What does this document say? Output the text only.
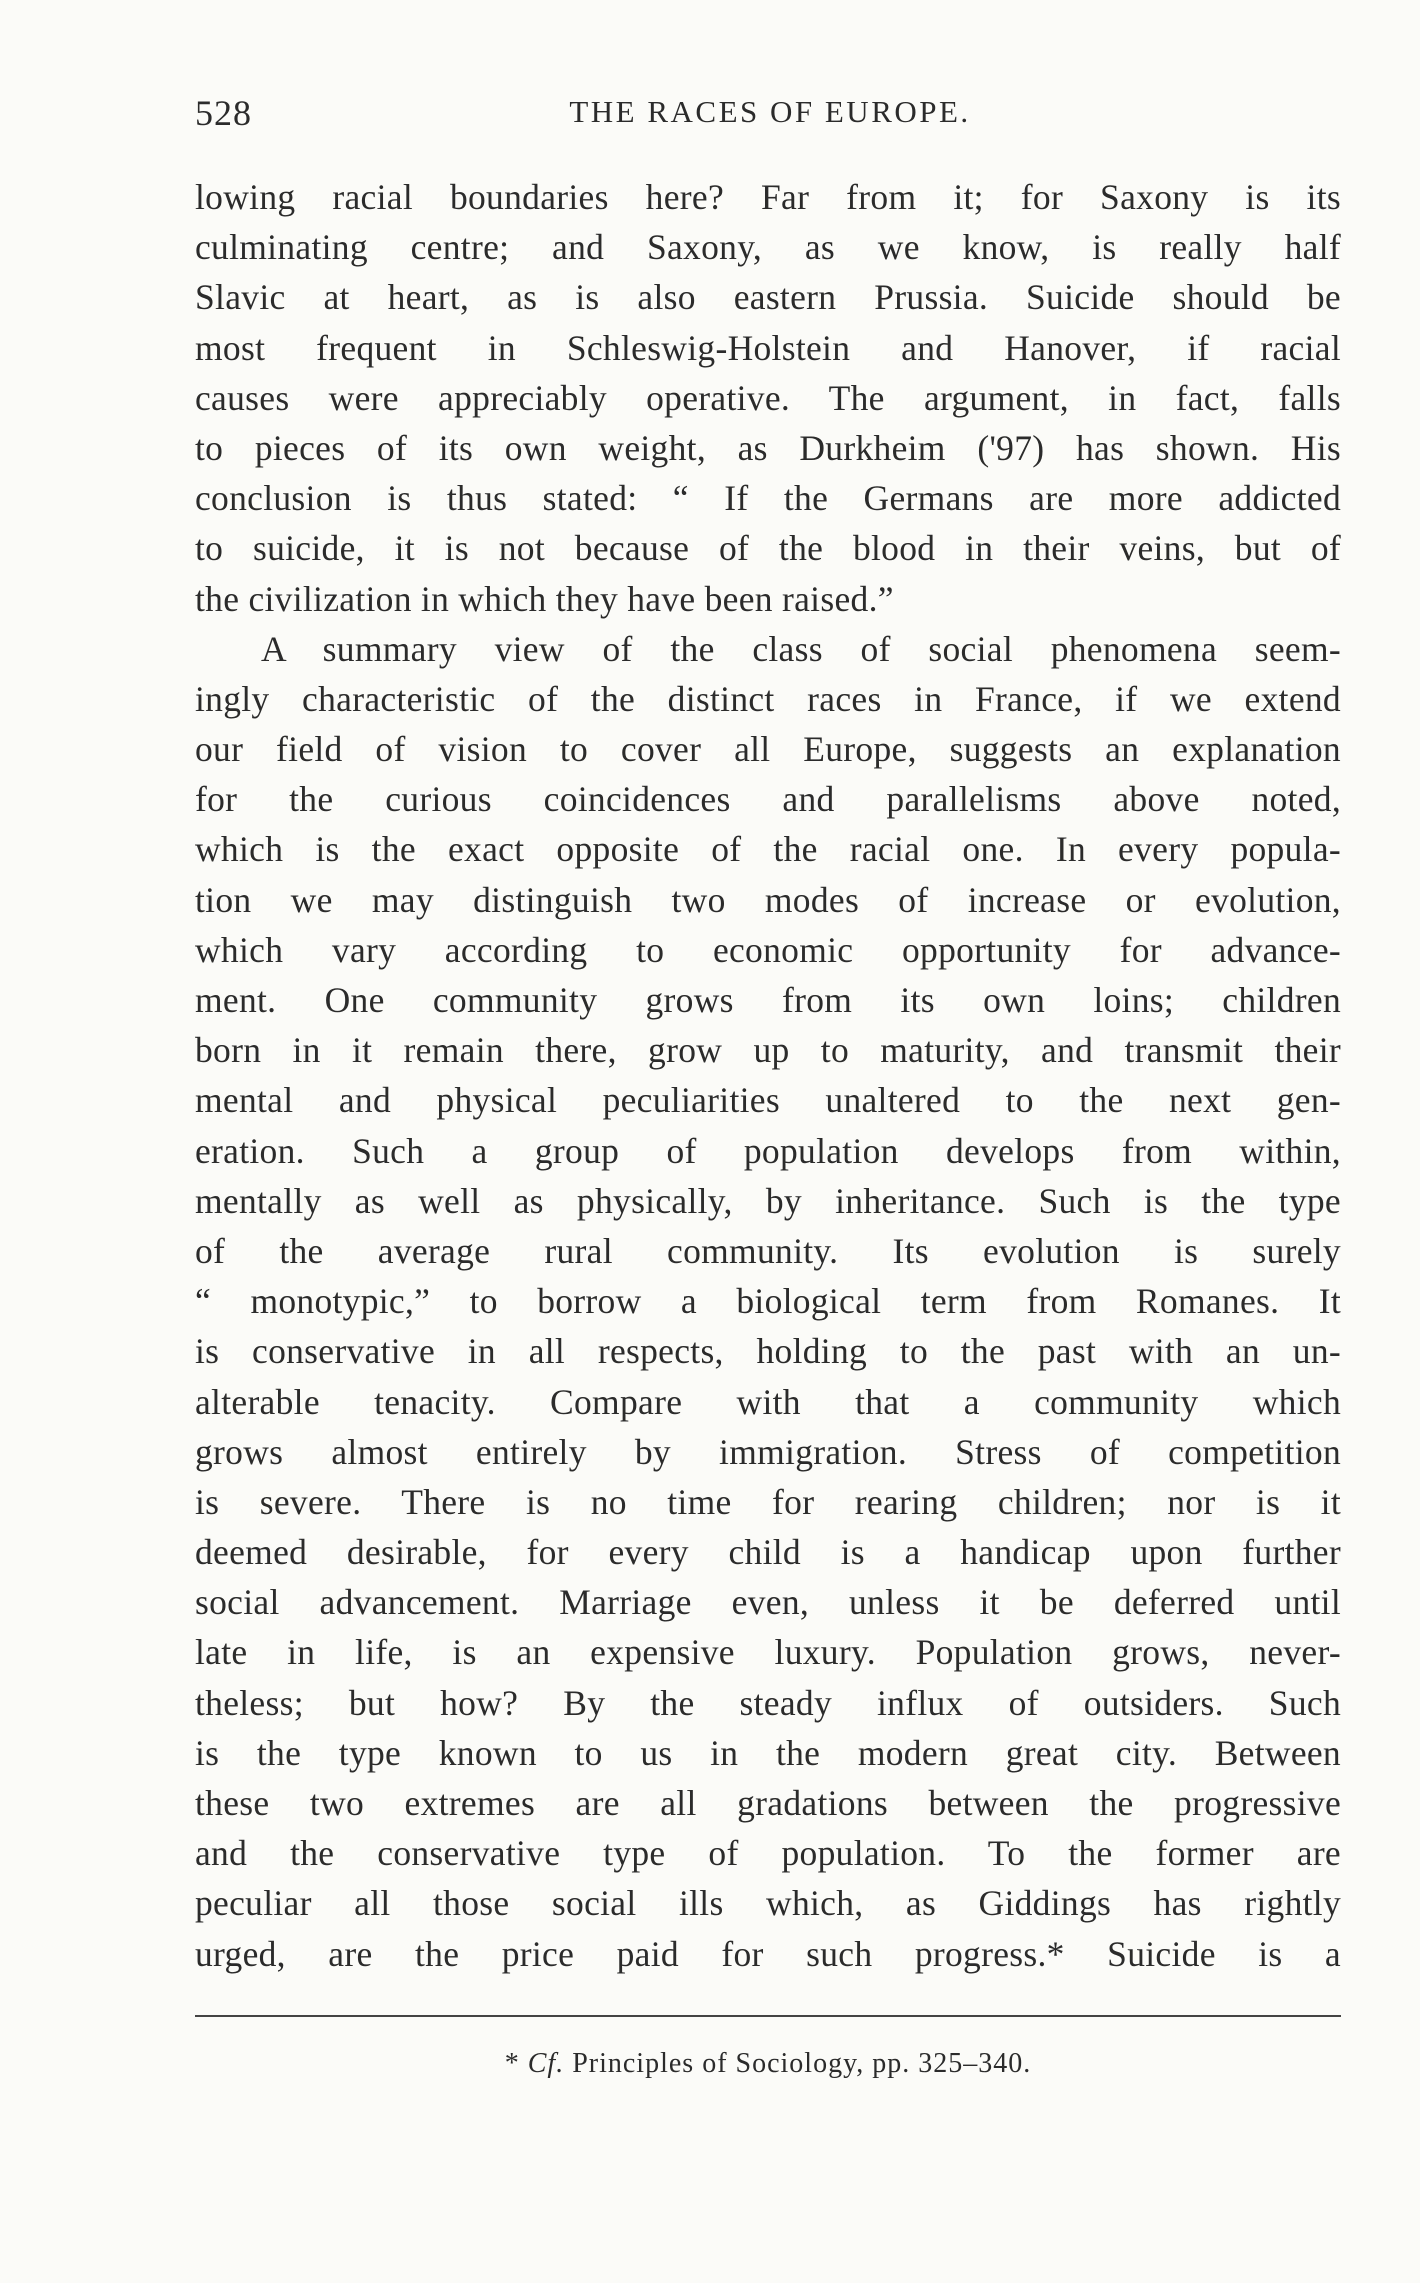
528	THE RACES OF EUROPE.
lowing racial boundaries here? Far from it; for Saxony is its
culminating centre; and Saxony, as we know, is really half
Slavic at heart, as is also eastern Prussia. Suicide should be
most frequent in Schleswig-Holstein and Hanover, if racial
causes were appreciably operative. The argument, in fact, falls
to pieces of its own weight, as Durkheim ('97) has shown. His
conclusion is thus stated: “ If the Germans are more addicted
to suicide, it is not because of the blood in their veins, but of
the civilization in which they have been raised.”
A summary view of the class of social phenomena seem-
ingly characteristic of the distinct races in France, if we extend
our field of vision to cover all Europe, suggests an explanation
for the curious coincidences and parallelisms above noted,
which is the exact opposite of the racial one. In every popula-
tion we may distinguish two modes of increase or evolution,
which vary according to economic opportunity for advance-
ment. One community grows from its own loins; children
born in it remain there, grow up to maturity, and transmit their
mental and physical peculiarities unaltered to the next gen-
eration. Such a group of population develops from within,
mentally as well as physically, by inheritance. Such is the type
of the average rural community. Its evolution is surely
“ monotypic,” to borrow a biological term from Romanes. It
is conservative in all respects, holding to the past with an un-
alterable tenacity. Compare with that a community which
grows almost entirely by immigration. Stress of competition
is severe. There is no time for rearing children; nor is it
deemed desirable, for every child is a handicap upon further
social advancement. Marriage even, unless it be deferred until
late in life, is an expensive luxury. Population grows, never-
theless; but how? By the steady influx of outsiders. Such
is the type known to us in the modern great city. Between
these two extremes are all gradations between the progressive
and the conservative type of population. To the former are
peculiar all those social ills which, as Giddings has rightly
urged, are the price paid for such progress.* Suicide is a
* Cf. Principles of Sociology, pp. 325–340.
